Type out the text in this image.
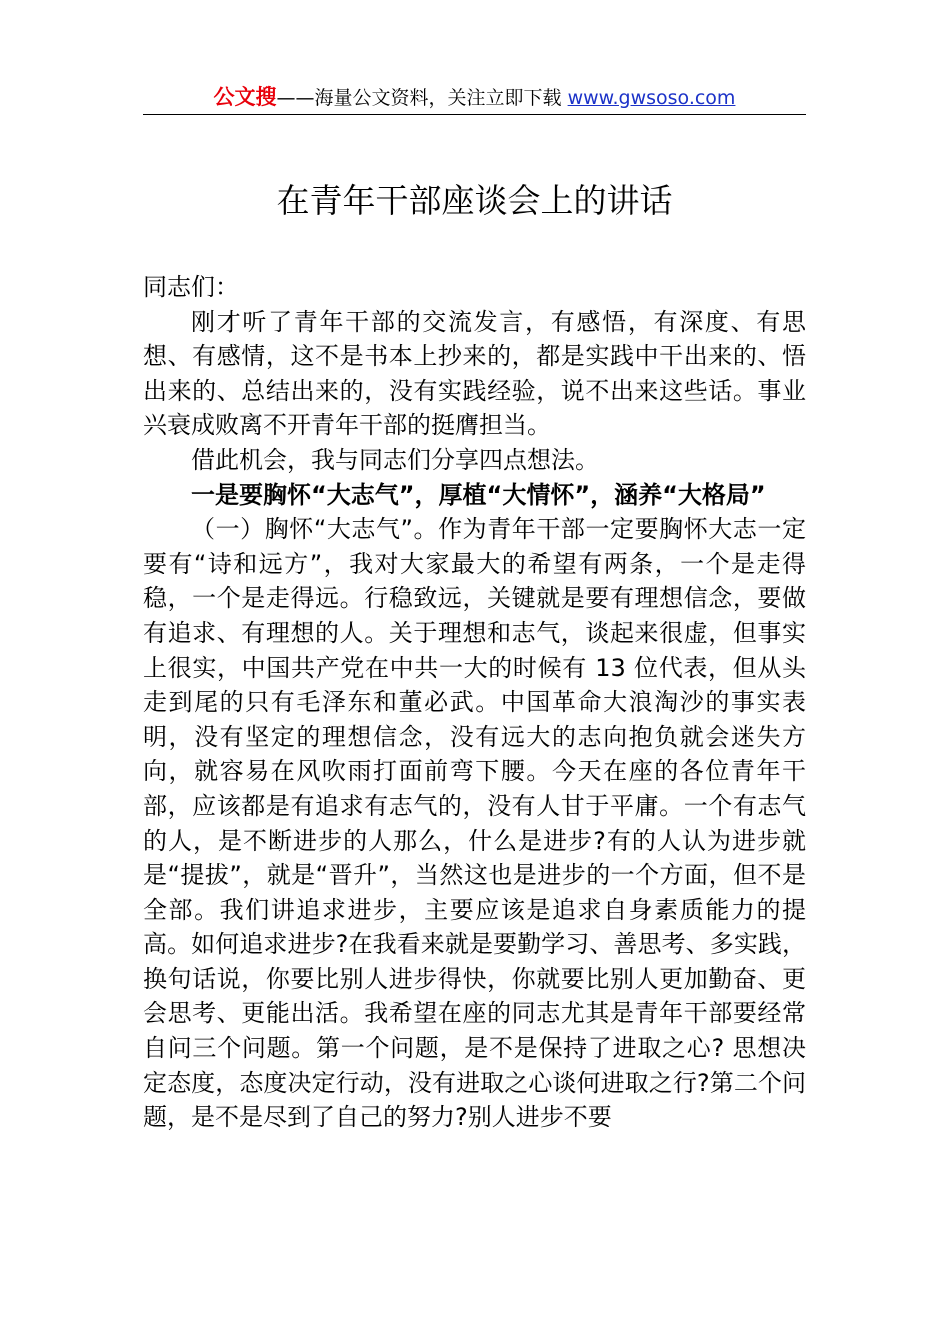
公文搜——海量公文资料，关注立即下载 www.gwsoso.com
在青年干部座谈会上的讲话

同志们：

刚才听了青年干部的交流发言，有感悟，有深度、有思想、有感情，这不是书本上抄来的，都是实践中干出来的、悟出来的、总结出来的，没有实践经验，说不出来这些话。事业兴衰成败离不开青年干部的挺膺担当。

借此机会，我与同志们分享四点想法。

一是要胸怀“大志气”，厚植“大情怀”，涵养“大格局”

（一）胸怀“大志气”。作为青年干部一定要胸怀大志一定要有“诗和远方”，我对大家最大的希望有两条，一个是走得稳，一个是走得远。行稳致远，关键就是要有理想信念，要做有追求、有理想的人。关于理想和志气，谈起来很虚，但事实上很实，中国共产党在中共一大的时候有 13 位代表，但从头走到尾的只有毛泽东和董必武。中国革命大浪淘沙的事实表明，没有坚定的理想信念，没有远大的志向抱负就会迷失方向，就容易在风吹雨打面前弯下腰。今天在座的各位青年干部，应该都是有追求有志气的，没有人甘于平庸。一个有志气的人，是不断进步的人那么，什么是进步?有的人认为进步就是“提拔”，就是“晋升”，当然这也是进步的一个方面，但不是全部。我们讲追求进步，主要应该是追求自身素质能力的提高。如何追求进步?在我看来就是要勤学习、善思考、多实践，换句话说，你要比别人进步得快，你就要比别人更加勤奋、更会思考、更能出活。我希望在座的同志尤其是青年干部要经常自问三个问题。第一个问题，是不是保持了进取之心? 思想决定态度，态度决定行动，没有进取之心谈何进取之行?第二个问题，是不是尽到了自己的努力?别人进步不要
